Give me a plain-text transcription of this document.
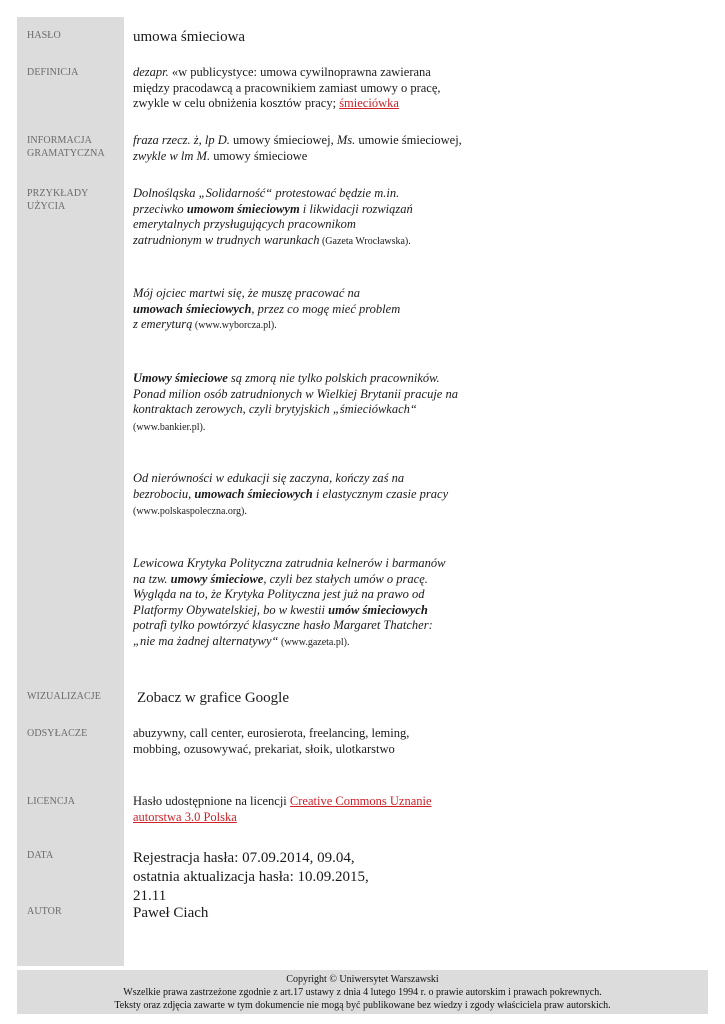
HASŁO
DEFINICJA
INFORMACJA
GRAMATYCZNA
PRZYKŁADY
UŻYCIA
WIZUALIZACJE
ODSYŁACZE
LICENCJA
DATA
AUTOR
umowa śmieciowa
dezapr. «w publicystyce: umowa cywilnoprawna zawierana między pracodawcą a pracownikiem zamiast umowy o pracę, zwykle w celu obniżenia kosztów pracy; śmieciówka
fraza rzecz. ż, lp D. umowy śmieciowej, Ms. umowie śmieciowej,
zwykle w lm M. umowy śmieciowe
Dolnośląska „Solidarność“ protestować będzie m.in. przeciwko umowom śmieciowym i likwidacji rozwiązań emerytalnych przysługujących pracownikom zatrudnionym w trudnych warunkach (Gazeta Wrocławska).
Mój ojciec martwi się, że muszę pracować na umowach śmieciowych, przez co mogę mieć problem z emeryturą (www.wyborcza.pl).
Umowy śmieciowe są zmorą nie tylko polskich pracowników. Ponad milion osób zatrudnionych w Wielkiej Brytanii pracuje na kontraktach zerowych, czyli brytyjskich „śmieciówkach“ (www.bankier.pl).
Od nierówności w edukacji się zaczyna, kończy zaś na bezrobociu, umowach śmieciowych i elastycznym czasie pracy (www.polskaspoleczna.org).
Lewicowa Krytyka Polityczna zatrudnia kelnerów i barmanów na tzw. umowy śmieciowe, czyli bez stałych umów o pracę. Wygląda na to, że Krytyka Polityczna jest już na prawo od Platformy Obywatelskiej, bo w kwestii umów śmieciowych potrafi tylko powtórzyć klasyczne hasło Margaret Thatcher: „nie ma żadnej alternatywy“ (www.gazeta.pl).
Zobacz w grafice Google
abuzywny, call center, eurosierota, freelancing, leming, mobbing, ozusowywać, prekariat, słoik, ulotkarstwo
Hasło udostępnione na licencji Creative Commons Uznanie autorstwa 3.0 Polska
Rejestracja hasła: 07.09.2014, 09.04, ostatnia aktualizacja hasła: 10.09.2015, 21.11
Paweł Ciach
Copyright © Uniwersytet Warszawski
Wszelkie prawa zastrzeżone zgodnie z art.17 ustawy z dnia 4 lutego 1994 r. o prawie autorskim i prawach pokrewnych.
Teksty oraz zdjęcia zawarte w tym dokumencie nie mogą być publikowane bez wiedzy i zgody właściciela praw autorskich.
